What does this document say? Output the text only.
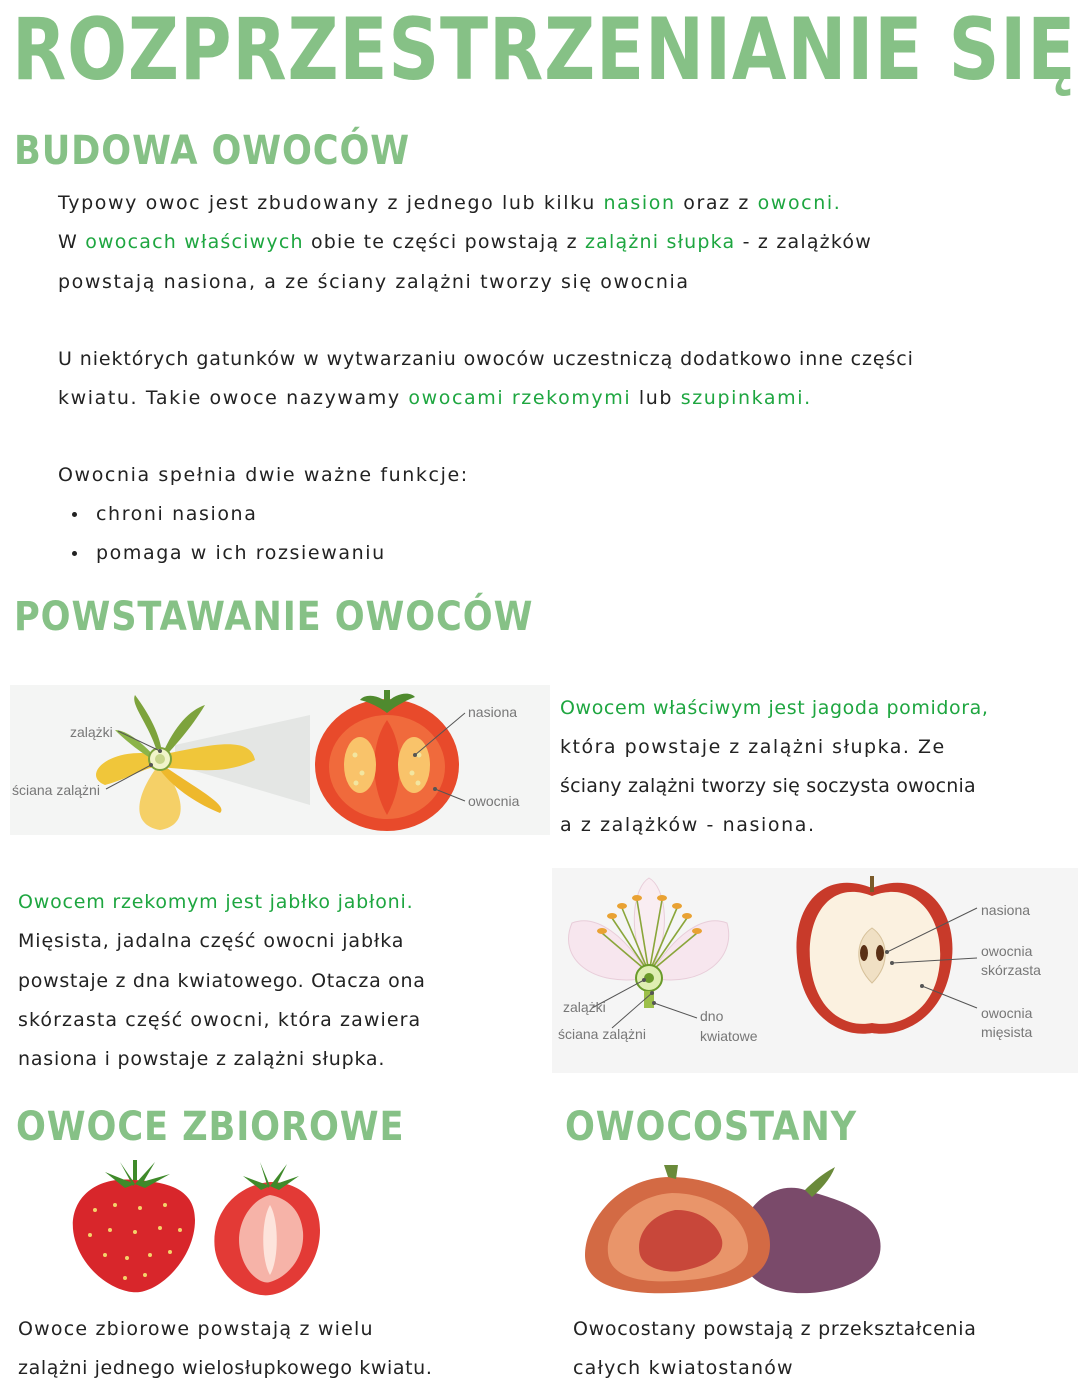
ROZPRZESTRZENIANIE SIĘ
BUDOWA OWOCÓW
Typowy owoc jest zbudowany z jednego lub kilku nasion oraz z owocni.
W owocach właściwych obie te części powstają z zalążni słupka - z zalążków
powstają nasiona, a ze ściany zalążni tworzy się owocnia
U niektórych gatunków w wytwarzaniu owoców uczestniczą dodatkowo inne części
kwiatu. Takie owoce nazywamy owocami rzekomymi lub szupinkami.
Owocnia spełnia dwie ważne funkcje:
chroni nasiona
pomaga w ich rozsiewaniu
POWSTAWANIE OWOCÓW
zalążki
ściana zalążni
nasiona
owocnia
Owocem właściwym jest jagoda pomidora,
która powstaje z zalążni słupka. Ze
ściany zalążni tworzy się soczysta owocnia
a z zalążków - nasiona.
Owocem rzekomym jest jabłko jabłoni.
Mięsista, jadalna część owocni jabłka
powstaje z dna kwiatowego. Otacza ona
skórzasta część owocni, która zawiera
nasiona i powstaje z zalążni słupka.
zalążki
ściana zalążni
dno
kwiatowe
nasiona
owocnia
skórzasta
owocnia
mięsista
OWOCE ZBIOROWE	OWOCOSTANY
Owoce zbiorowe powstają z wielu
zalążni jednego wielosłupkowego kwiatu.
Owocostany powstają z przekształcenia
całych kwiatostanów
